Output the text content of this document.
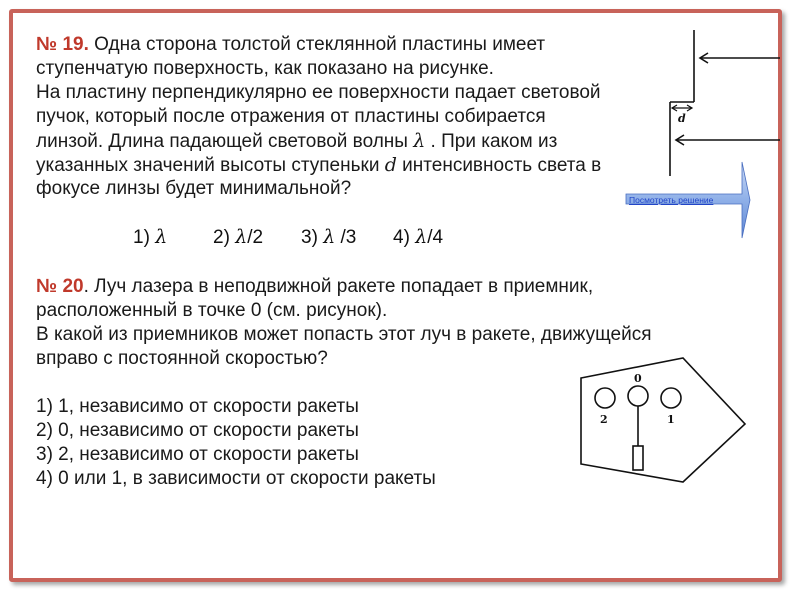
№ 19. Одна сторона толстой стеклянной пластины имеет
ступенчатую поверхность, как показано на рисунке.
На пластину перпендикулярно ее поверхности падает световой
пучок, который после отражения от пластины собирается
линзой. Длина падающей световой волны λ . При каком из
указанных значений высоты ступеньки d интенсивность света в
фокусе линзы будет минимальной?
1) λ 2) λ/2 3) λ /3 4) λ/4
d
Посмотреть решение
№ 20. Луч лазера в неподвижной ракете попадает в приемник,
расположенный в точке 0 (см. рисунок).
В какой из приемников может попасть этот луч в ракете, движущейся
вправо с постоянной скоростью?
1) 1, независимо от скорости ракеты
2) 0, независимо от скорости ракеты
3) 2, независимо от скорости ракеты
4) 0 или 1, в зависимости от скорости ракеты
0
2	1
